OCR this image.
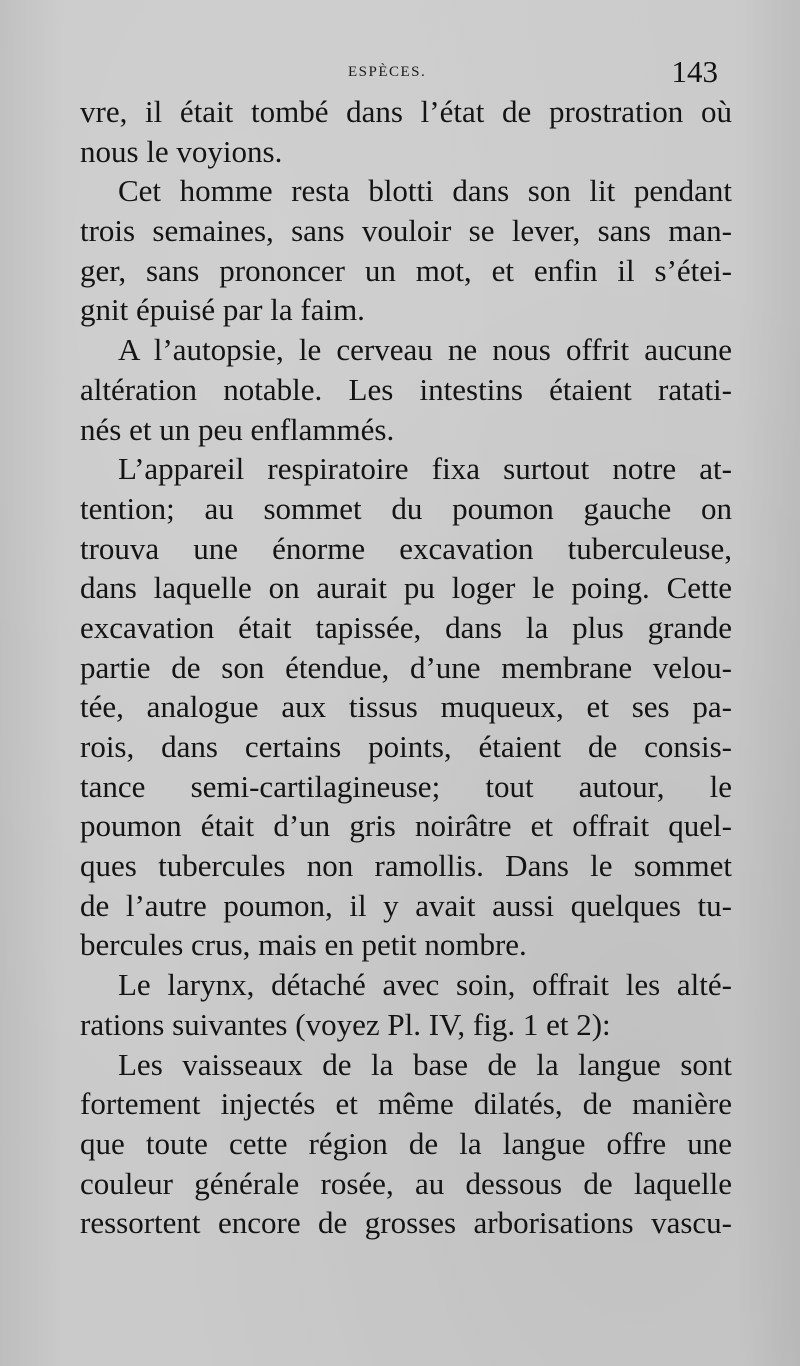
ESPÈCES.	143
vre, il était tombé dans l’état de prostration où
nous le voyions.
Cet homme resta blotti dans son lit pendant
trois semaines, sans vouloir se lever, sans man-
ger, sans prononcer un mot, et enfin il s’étei-
gnit épuisé par la faim.
A l’autopsie, le cerveau ne nous offrit aucune
altération notable. Les intestins étaient ratati-
nés et un peu enflammés.
L’appareil respiratoire fixa surtout notre at-
tention; au sommet du poumon gauche on
trouva une énorme excavation tuberculeuse,
dans laquelle on aurait pu loger le poing. Cette
excavation était tapissée, dans la plus grande
partie de son étendue, d’une membrane velou-
tée, analogue aux tissus muqueux, et ses pa-
rois, dans certains points, étaient de consis-
tance semi-cartilagineuse; tout autour, le
poumon était d’un gris noirâtre et offrait quel-
ques tubercules non ramollis. Dans le sommet
de l’autre poumon, il y avait aussi quelques tu-
bercules crus, mais en petit nombre.
Le larynx, détaché avec soin, offrait les alté-
rations suivantes (voyez Pl. IV, fig. 1 et 2):
Les vaisseaux de la base de la langue sont
fortement injectés et même dilatés, de manière
que toute cette région de la langue offre une
couleur générale rosée, au dessous de laquelle
ressortent encore de grosses arborisations vascu-
